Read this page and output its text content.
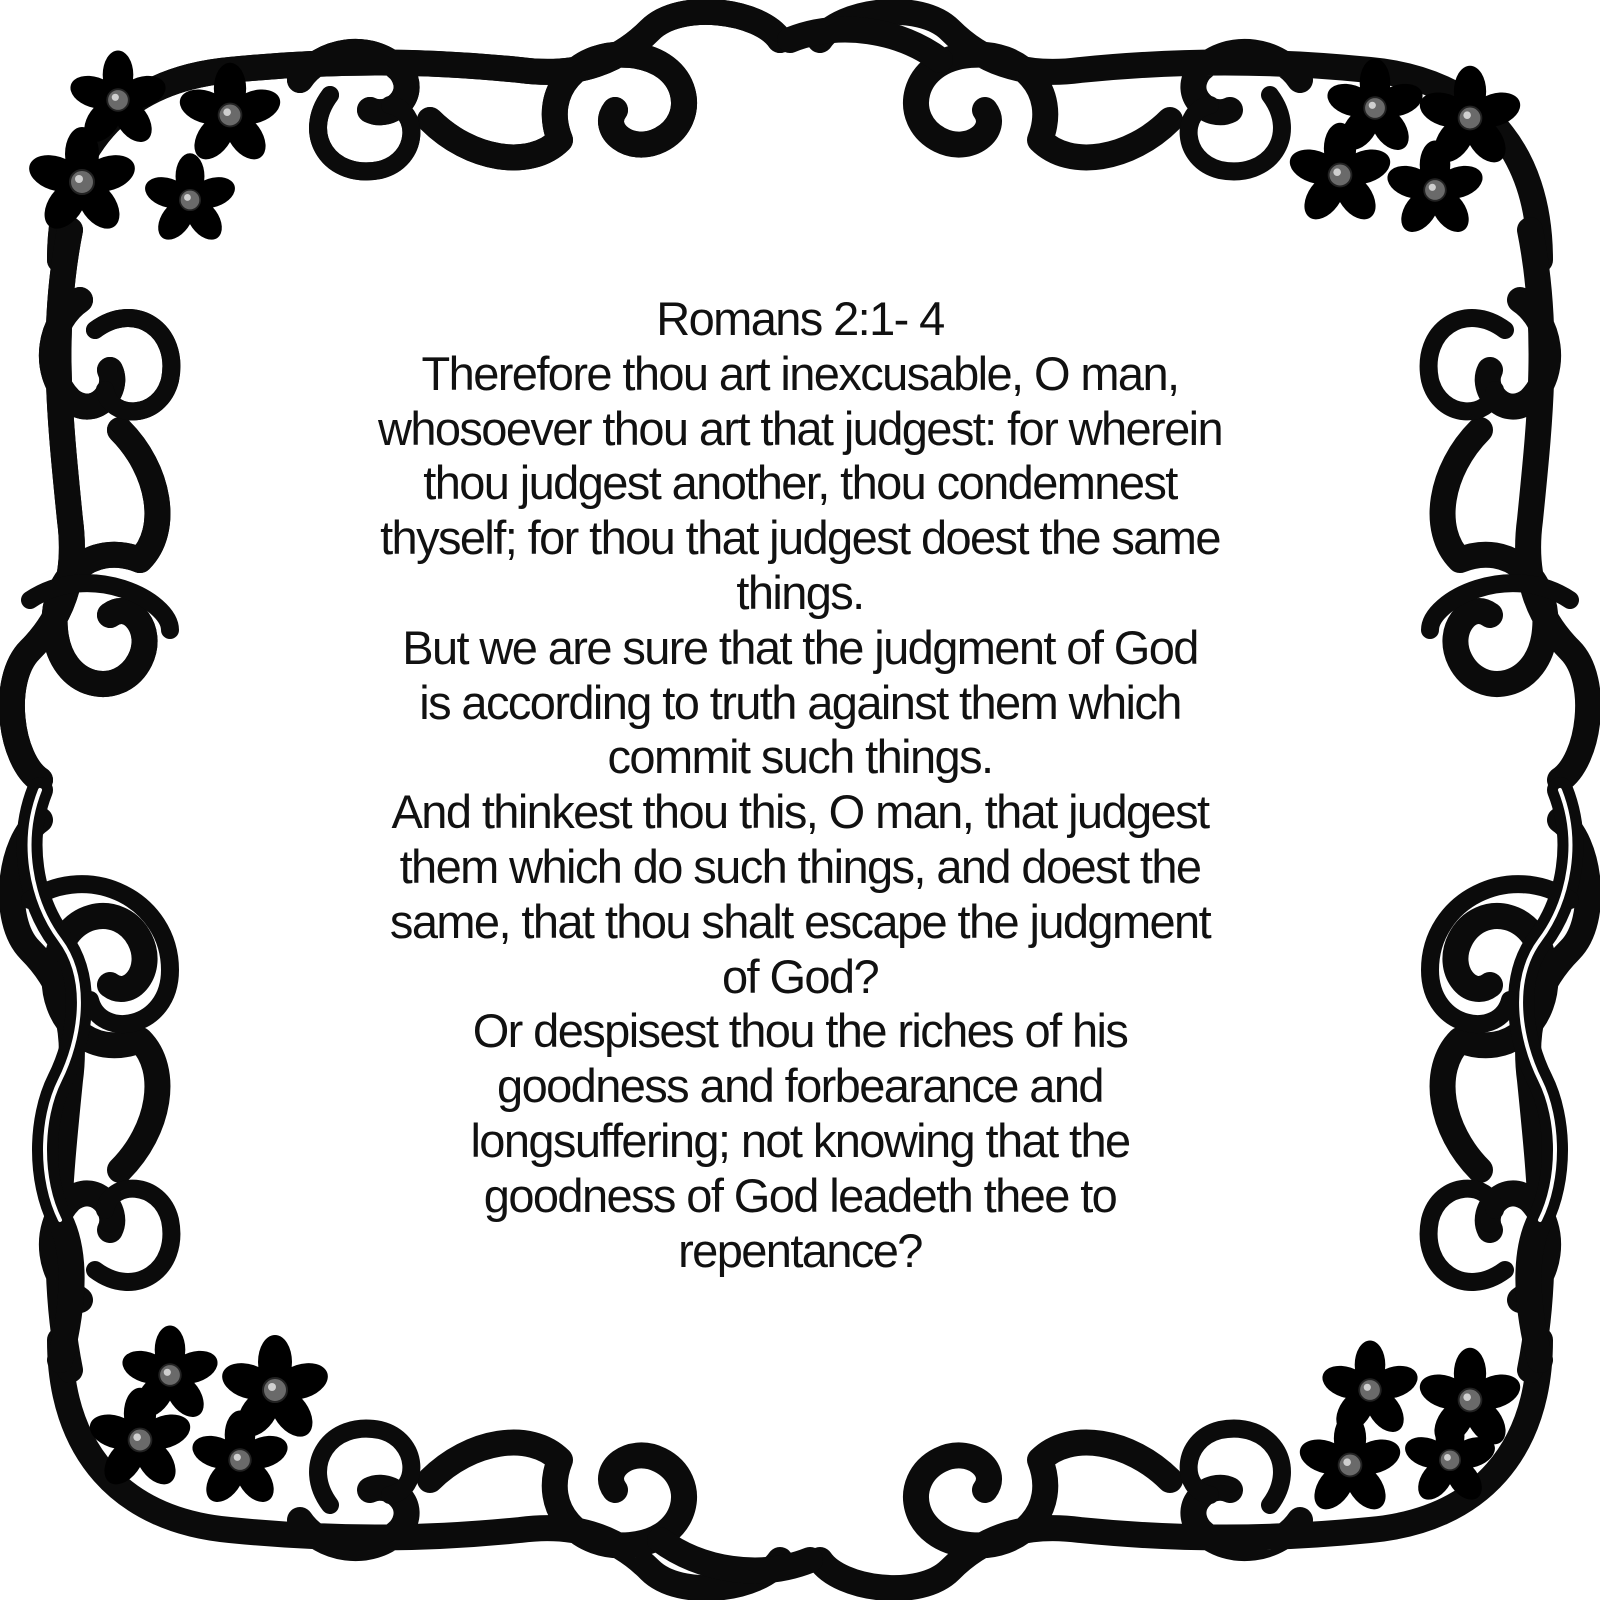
Romans 2:1- 4
Therefore thou art inexcusable, O man,
whosoever thou art that judgest: for wherein
thou judgest another, thou condemnest
thyself; for thou that judgest doest the same
things.
But we are sure that the judgment of God
is according to truth against them which
commit such things.
And thinkest thou this, O man, that judgest
them which do such things, and doest the
same, that thou shalt escape the judgment
of God?
Or despisest thou the riches of his
goodness and forbearance and
longsuffering; not knowing that the
goodness of God leadeth thee to
repentance?
